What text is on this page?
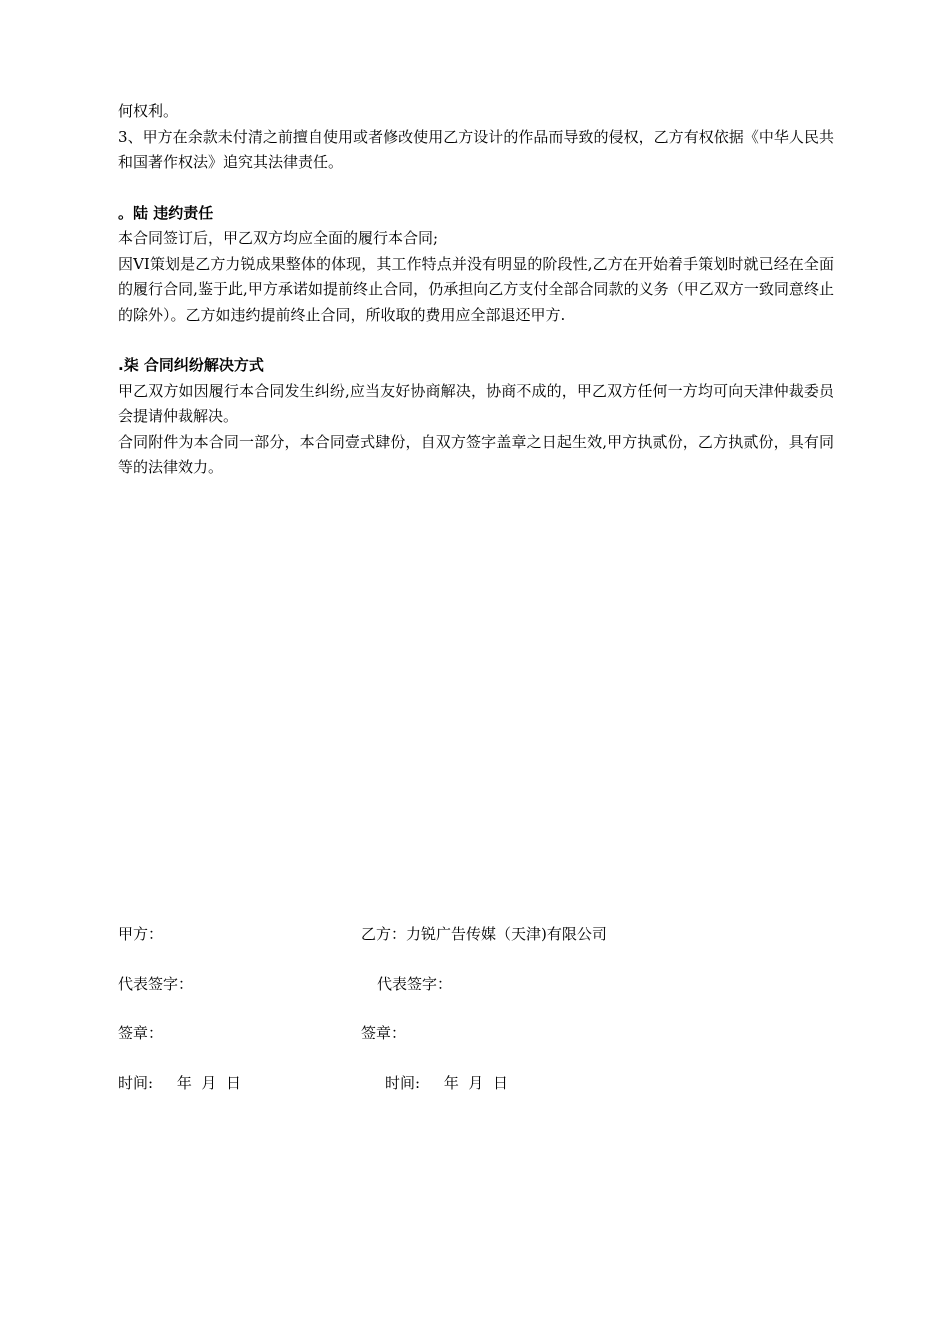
何权利。

3、甲方在余款未付清之前擅自使用或者修改使用乙方设计的作品而导致的侵权，乙方有权依据《中华人民共和国著作权法》追究其法律责任。

。陆 违约责任

本合同签订后，甲乙双方均应全面的履行本合同;

因VI策划是乙方力锐成果整体的体现，其工作特点并没有明显的阶段性,乙方在开始着手策划时就已经在全面的履行合同,鉴于此,甲方承诺如提前终止合同，仍承担向乙方支付全部合同款的义务（甲乙双方一致同意终止的除外）。乙方如违约提前终止合同，所收取的费用应全部退还甲方.

.柒 合同纠纷解决方式

甲乙双方如因履行本合同发生纠纷,应当友好协商解决，协商不成的，甲乙双方任何一方均可向天津仲裁委员会提请仲裁解决。

合同附件为本合同一部分，本合同壹式肆份，自双方签字盖章之日起生效,甲方执贰份，乙方执贰份，具有同等的法律效力。

甲方：	乙方：力锐广告传媒（天津)有限公司
代表签字：	代表签字：
签章：	签章：
时间:     年  月  日	时间:     年  月  日
